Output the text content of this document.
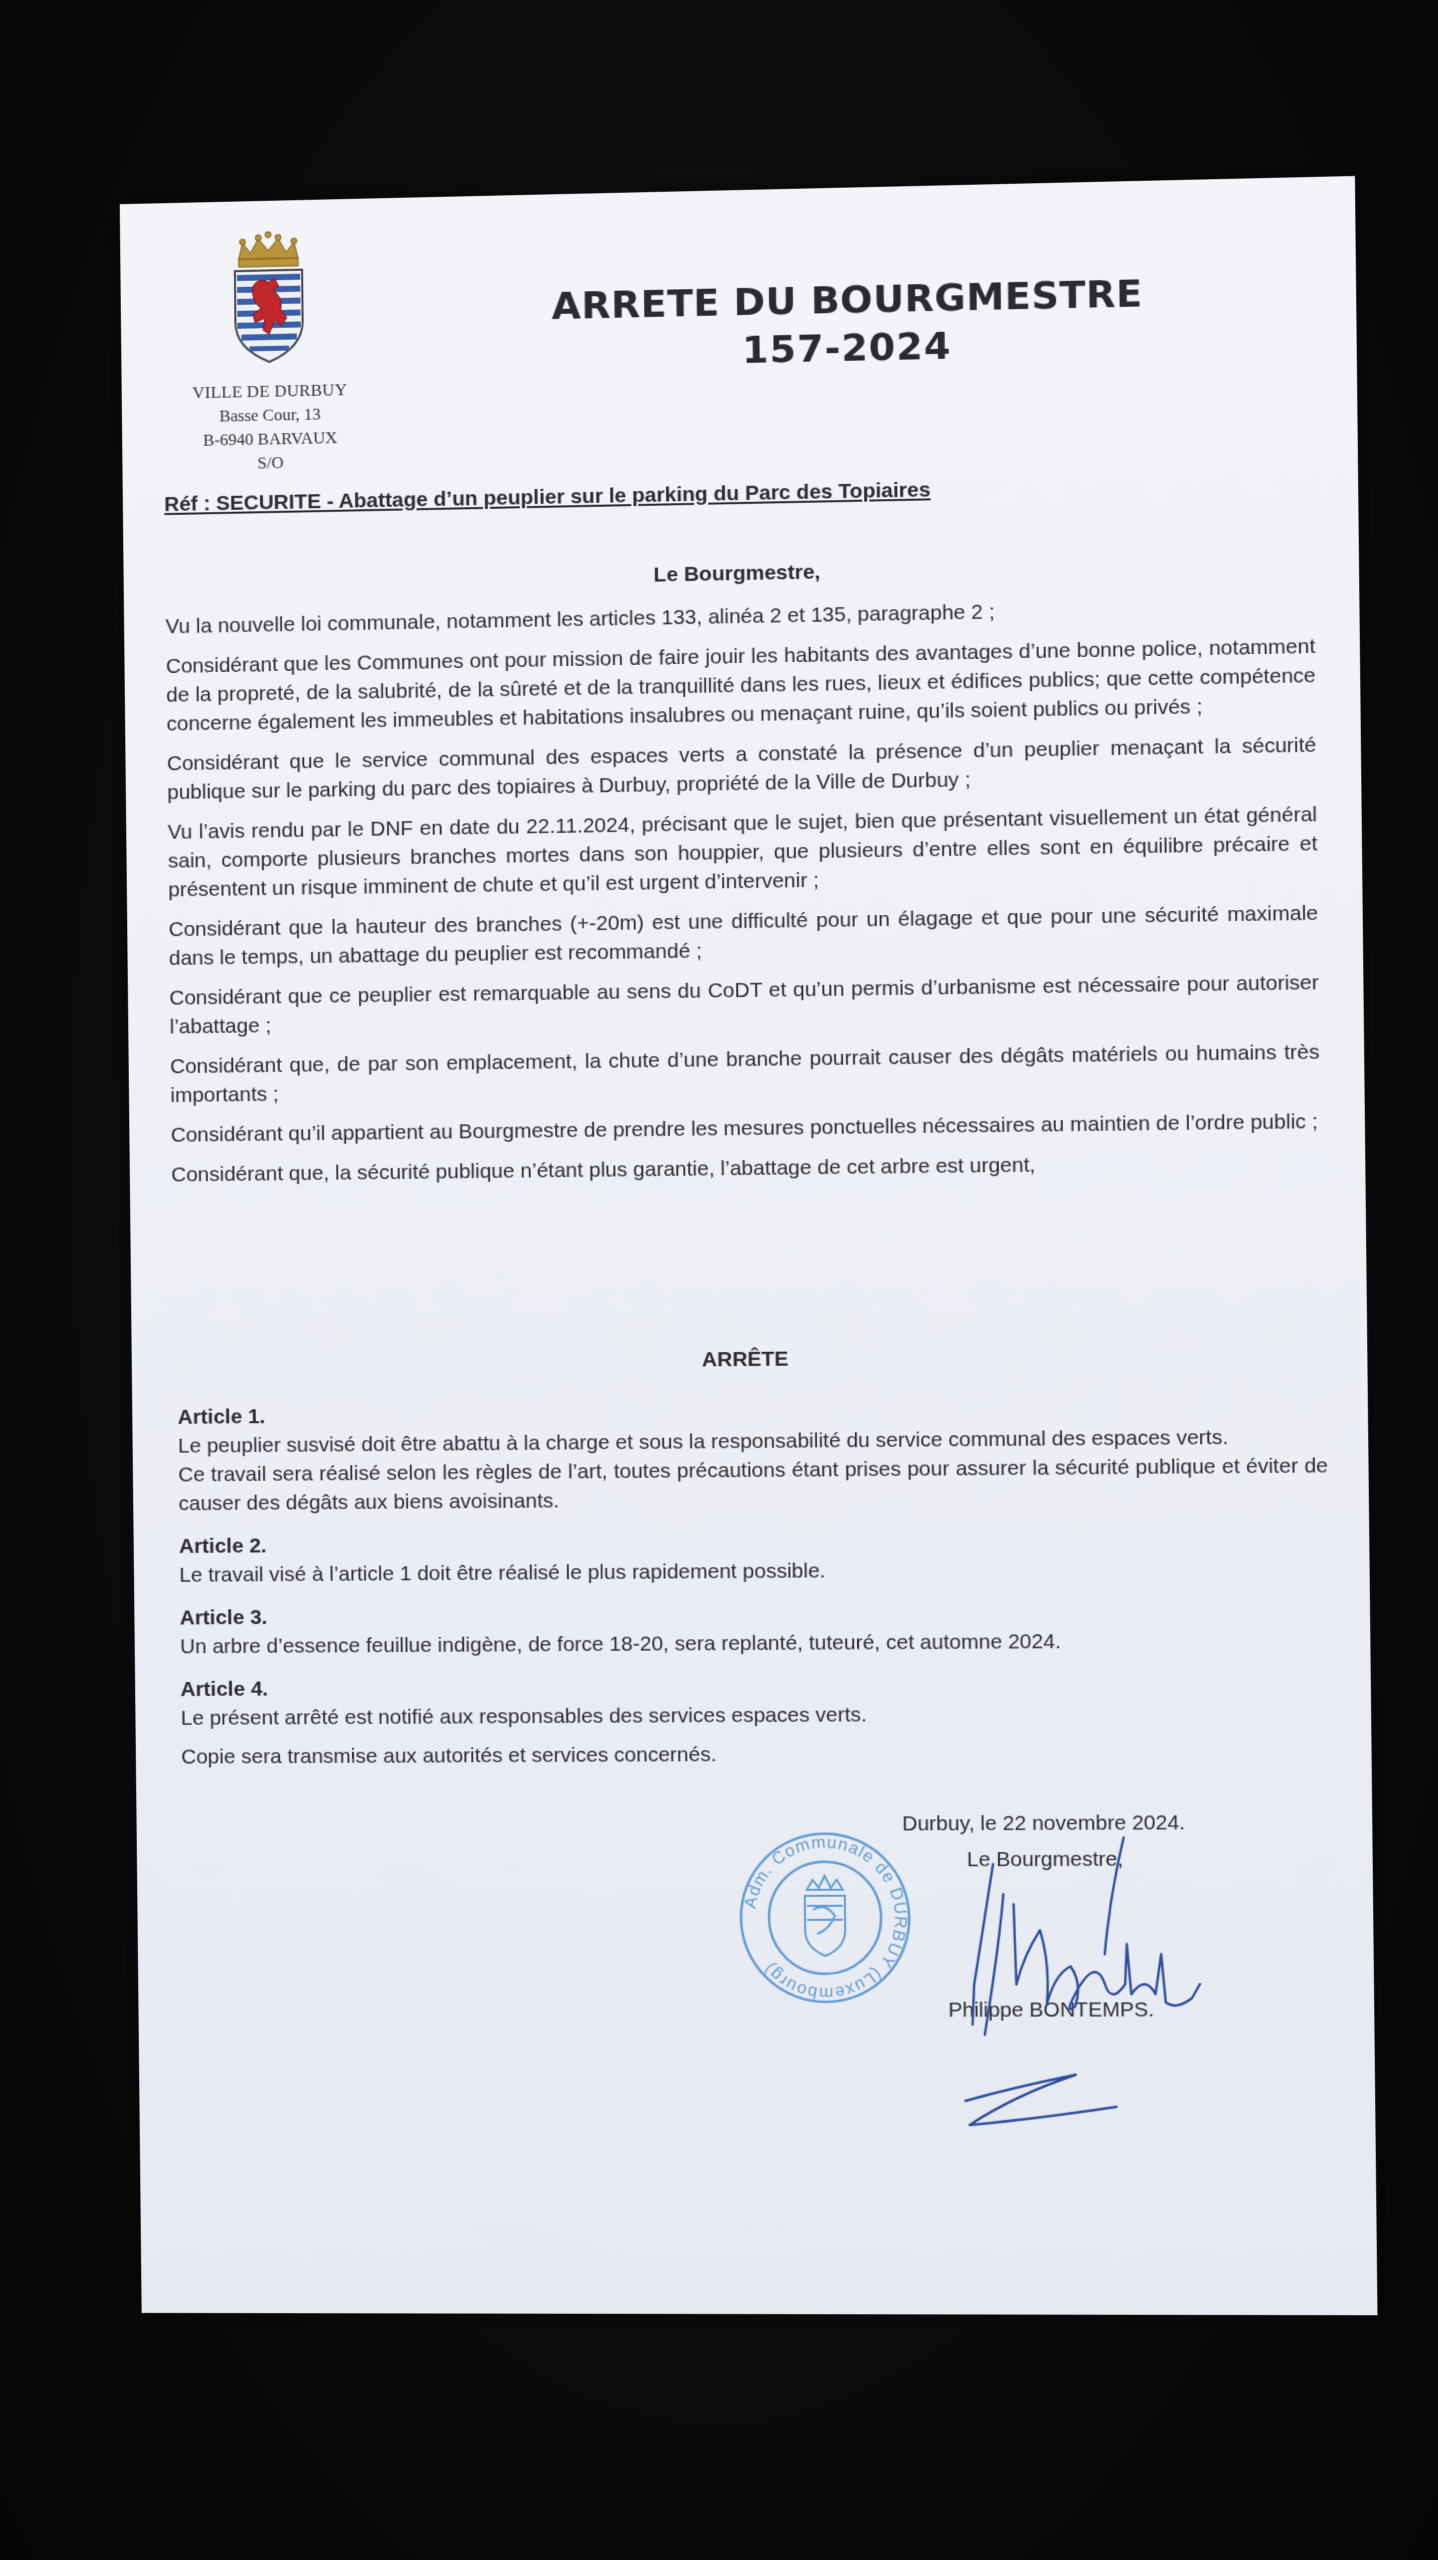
VILLE DE DURBUY
Basse Cour, 13
B-6940 BARVAUX S/O
ARRETE DU BOURGMESTRE
157-2024
Réf : SECURITE - Abattage d’un peuplier sur le parking du Parc des Topiaires
Le Bourgmestre,

Vu la nouvelle loi communale, notamment les articles 133, alinéa 2 et 135, paragraphe 2 ;

Considérant que les Communes ont pour mission de faire jouir les habitants des avantages d’une bonne police, notamment de la propreté, de la salubrité, de la sûreté et de la tranquillité dans les rues, lieux et édifices publics; que cette compétence concerne également les immeubles et habitations insalubres ou menaçant ruine, qu’ils soient publics ou privés ;

Considérant que le service communal des espaces verts a constaté la présence d’un peuplier menaçant la sécurité publique sur le parking du parc des topiaires à Durbuy, propriété de la Ville de Durbuy ;

Vu l’avis rendu par le DNF en date du 22.11.2024, précisant que le sujet, bien que présentant visuellement un état général sain, comporte plusieurs branches mortes dans son houppier, que plusieurs d’entre elles sont en équilibre précaire et présentent un risque imminent de chute et qu’il est urgent d’intervenir ;

Considérant que la hauteur des branches (+-20m) est une difficulté pour un élagage et que pour une sécurité maximale dans le temps, un abattage du peuplier est recommandé ;

Considérant que ce peuplier est remarquable au sens du CoDT et qu’un permis d’urbanisme est nécessaire pour autoriser l’abattage ;

Considérant que, de par son emplacement, la chute d’une branche pourrait causer des dégâts matériels ou humains très importants ;

Considérant qu’il appartient au Bourgmestre de prendre les mesures ponctuelles nécessaires au maintien de l’ordre public ;

Considérant que, la sécurité publique n’étant plus garantie, l’abattage de cet arbre est urgent,

ARRÊTE
Article 1.

Le peuplier susvisé doit être abattu à la charge et sous la responsabilité du service communal des espaces verts.

Ce travail sera réalisé selon les règles de l’art, toutes précautions étant prises pour assurer la sécurité publique et éviter de causer des dégâts aux biens avoisinants.

Article 2.

Le travail visé à l’article 1 doit être réalisé le plus rapidement possible.

Article 3.

Un arbre d’essence feuillue indigène, de force 18-20, sera replanté, tuteuré, cet automne 2024.

Article 4.

Le présent arrêté est notifié aux responsables des services espaces verts.

Copie sera transmise aux autorités et services concernés.

Adm. Communale de DURBUY (Luxembourg)
Durbuy, le 22 novembre 2024.
Le Bourgmestre,
Philippe BONTEMPS.
